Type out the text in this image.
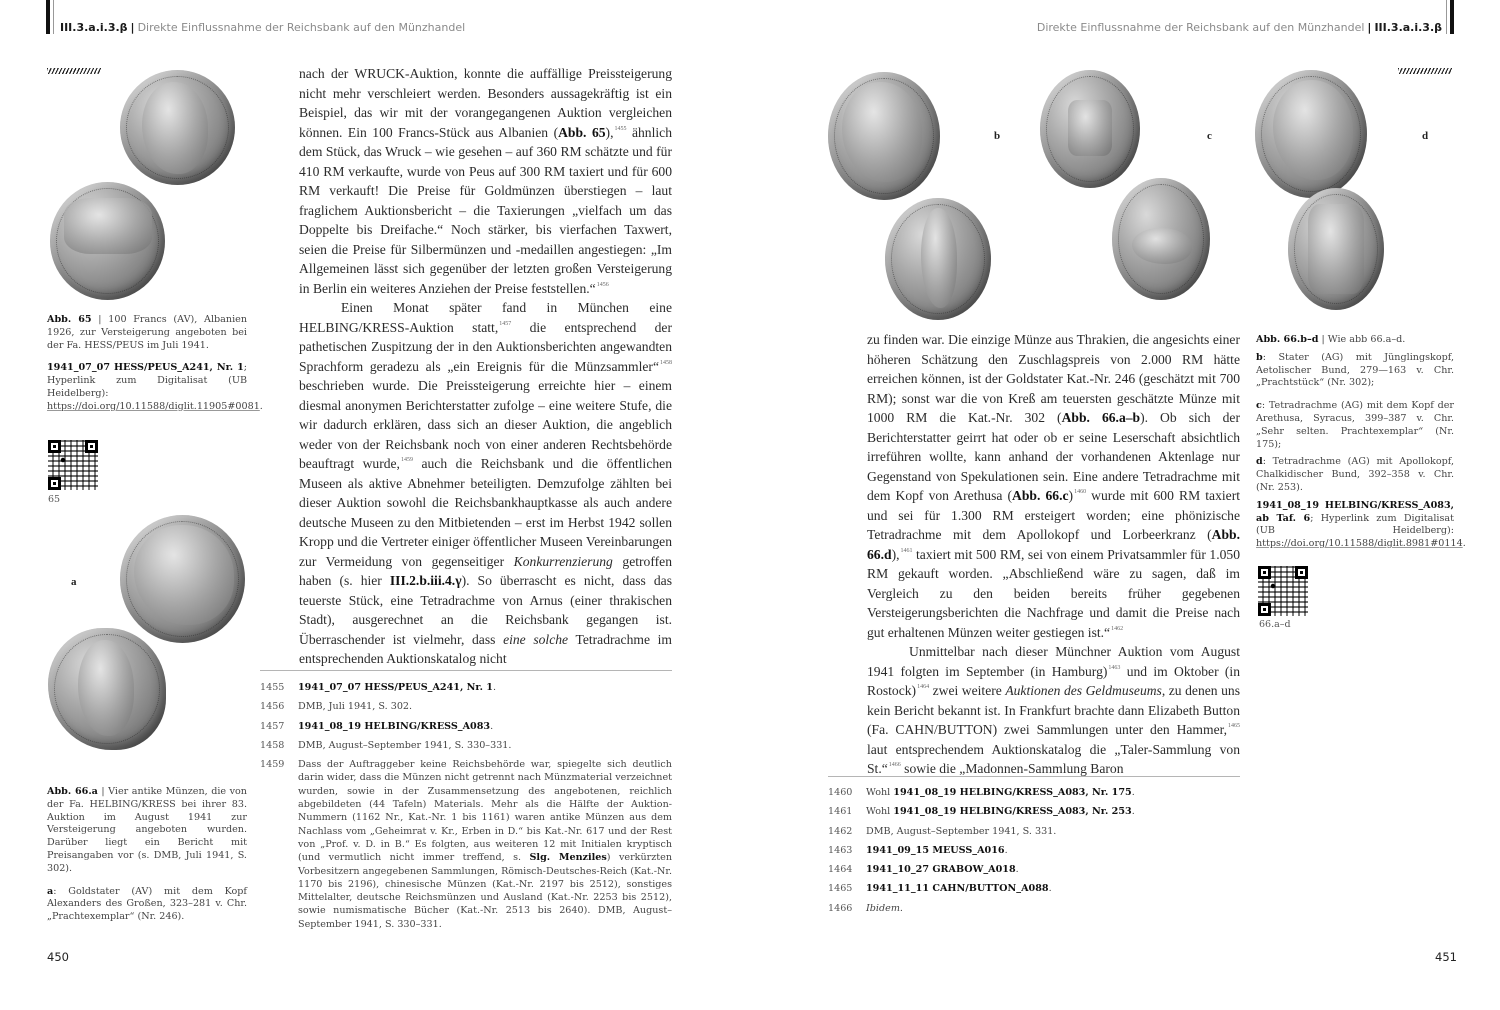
III.3.a.i.3.β | Direkte Einflussnahme der Reichsbank auf den Münzhandel

Abb. 65 | 100 Francs (AV), Albanien 1926, zur Versteigerung angeboten bei der Fa. HESS/PEUS im Juli 1941.

1941_07_07 HESS/PEUS_A241, Nr. 1; Hyperlink zum Digitalisat (UB Heidelberg): https://doi.org/10.11588/diglit.11905#0081.

65
a

Abb. 66.a | Vier antike Münzen, die von der Fa. HELBING/KRESS bei ihrer 83. Auktion im August 1941 zur Versteigerung angeboten wurden. Darüber liegt ein Bericht mit Preisangaben vor (s. DMB, Juli 1941, S. 302).

a: Goldstater (AV) mit dem Kopf Alexanders des Großen, 323–281 v. Chr. „Prachtexemplar“ (Nr. 246).

nach der WRUCK-Auktion, konnte die auffällige Preissteigerung nicht mehr verschleiert werden. Besonders aussagekräftig ist ein Beispiel, das wir mit der vorangegangenen Auktion vergleichen können. Ein 100 Francs-Stück aus Albanien (Abb. 65),$^{1455}$ ähnlich dem Stück, das Wruck – wie gesehen – auf 360 RM schätzte und für 410 RM verkaufte, wurde von Peus auf 300 RM taxiert und für 600 RM verkauft! Die Preise für Goldmünzen überstiegen – laut fraglichem Auktionsbericht – die Taxierungen „vielfach um das Doppelte bis Dreifache.“ Noch stärker, bis vierfachen Taxwert, seien die Preise für Silbermünzen und -medaillen angestiegen: „Im Allgemeinen lässt sich gegenüber der letzten großen Versteigerung in Berlin ein weiteres Anziehen der Preise feststellen.“$^{1456}$

Einen Monat später fand in München eine HELBING/KRESS-Auktion statt,$^{1457}$ die entsprechend der pathetischen Zuspitzung der in den Auktionsberichten angewandten Sprachform geradezu als „ein Ereignis für die Münzsammler“$^{1458}$ beschrieben wurde. Die Preissteigerung erreichte hier – einem diesmal anonymen Berichterstatter zufolge – eine weitere Stufe, die wir dadurch erklären, dass sich an dieser Auktion, die angeblich weder von der Reichsbank noch von einer anderen Rechtsbehörde beauftragt wurde,$^{1459}$ auch die Reichsbank und die öffentlichen Museen als aktive Abnehmer beteiligten. Demzufolge zählten bei dieser Auktion sowohl die Reichsbankhauptkasse als auch andere deutsche Museen zu den Mitbietenden – erst im Herbst 1942 sollen Kropp und die Vertreter einiger öffentlicher Museen Vereinbarungen zur Vermeidung von gegenseitiger Konkurrenzierung getroffen haben (s. hier III.2.b.iii.4.γ). So überrascht es nicht, dass das teuerste Stück, eine Tetradrachme von Arnus (einer thrakischen Stadt), ausgerechnet an die Reichsbank gegangen ist. Überraschender ist vielmehr, dass eine solche Tetradrachme im entsprechenden Auktionskatalog nicht

1455	1941_07_07 HESS/PEUS_A241, Nr. 1.
1456	DMB, Juli 1941, S. 302.
1457	1941_08_19 HELBING/KRESS_A083.
1458	DMB, August–September 1941, S. 330–331.
1459	Dass der Auftraggeber keine Reichsbehörde war, spiegelte sich deutlich darin wider, dass die Münzen nicht getrennt nach Münzmaterial verzeichnet wurden, sowie in der Zusammensetzung des angebotenen, reichlich abgebildeten (44 Tafeln) Materials. Mehr als die Hälfte der Auktion-Nummern (1162 Nr., Kat.-Nr. 1 bis 1161) waren antike Münzen aus dem Nachlass vom „Geheimrat v. Kr., Erben in D.“ bis Kat.-Nr. 617 und der Rest von „Prof. v. D. in B.“ Es folgten, aus weiteren 12 mit Initialen kryptisch (und vermutlich nicht immer treffend, s. Slg. Menziles) verkürzten Vorbesitzern angegebenen Sammlungen, Römisch-Deutsches-Reich (Kat.-Nr. 1170 bis 2196), chinesische Münzen (Kat.-Nr. 2197 bis 2512), sonstiges Mittelalter, deutsche Reichsmünzen und Ausland (Kat.-Nr. 2253 bis 2512), sowie numismatische Bücher (Kat.-Nr. 2513 bis 2640). DMB, August–September 1941, S. 330–331.
450
Direkte Einflussnahme der Reichsbank auf den Münzhandel | III.3.a.i.3.β
b	c	d

zu finden war. Die einzige Münze aus Thrakien, die angesichts einer höheren Schätzung den Zuschlagspreis von 2.000 RM hätte erreichen können, ist der Goldstater Kat.-Nr. 246 (geschätzt mit 700 RM); sonst war die von Kreß am teuersten geschätzte Münze mit 1000 RM die Kat.-Nr. 302 (Abb. 66.a–b). Ob sich der Berichterstatter geirrt hat oder ob er seine Leserschaft absichtlich irreführen wollte, kann anhand der vorhandenen Aktenlage nur Gegenstand von Spekulationen sein. Eine andere Tetradrachme mit dem Kopf von Arethusa (Abb. 66.c)$^{1460}$ wurde mit 600 RM taxiert und sei für 1.300 RM ersteigert worden; eine phönizische Tetradrachme mit dem Apollokopf und Lorbeerkranz (Abb. 66.d),$^{1461}$ taxiert mit 500 RM, sei von einem Privatsammler für 1.050 RM gekauft worden. „Abschließend wäre zu sagen, daß im Vergleich zu den beiden bereits früher gegebenen Versteigerungsberichten die Nachfrage und damit die Preise nach gut erhaltenen Münzen weiter gestiegen ist.“$^{1462}$

Unmittelbar nach dieser Münchner Auktion vom August 1941 folgten im September (in Hamburg)$^{1463}$ und im Oktober (in Rostock)$^{1464}$ zwei weitere Auktionen des Geldmuseums, zu denen uns kein Bericht bekannt ist. In Frankfurt brachte dann Elizabeth Button (Fa. CAHN/BUTTON) zwei Sammlungen unter den Hammer,$^{1465}$ laut entsprechendem Auktionskatalog die „Taler-Sammlung von St.“$^{1466}$ sowie die „Madonnen-Sammlung Baron

Abb. 66.b–d | Wie abb 66.a–d.

b: Stater (AG) mit Jünglingskopf, Aetolischer Bund, 279—163 v. Chr. „Prachtstück“ (Nr. 302);

c: Tetradrachme (AG) mit dem Kopf der Arethusa, Syracus, 399–387 v. Chr. „Sehr selten. Prachtexemplar“ (Nr. 175);

d: Tetradrachme (AG) mit Apollokopf, Chalkidischer Bund, 392–358 v. Chr. (Nr. 253).

1941_08_19 HELBING/KRESS_A083, ab Taf. 6; Hyperlink zum Digitalisat (UB Heidelberg): https://doi.org/10.11588/diglit.8981#0114.

66.a–d
1460	Wohl 1941_08_19 HELBING/KRESS_A083, Nr. 175.
1461	Wohl 1941_08_19 HELBING/KRESS_A083, Nr. 253.
1462	DMB, August–September 1941, S. 331.
1463	1941_09_15 MEUSS_A016.
1464	1941_10_27 GRABOW_A018.
1465	1941_11_11 CAHN/BUTTON_A088.
1466	Ibidem.
451
